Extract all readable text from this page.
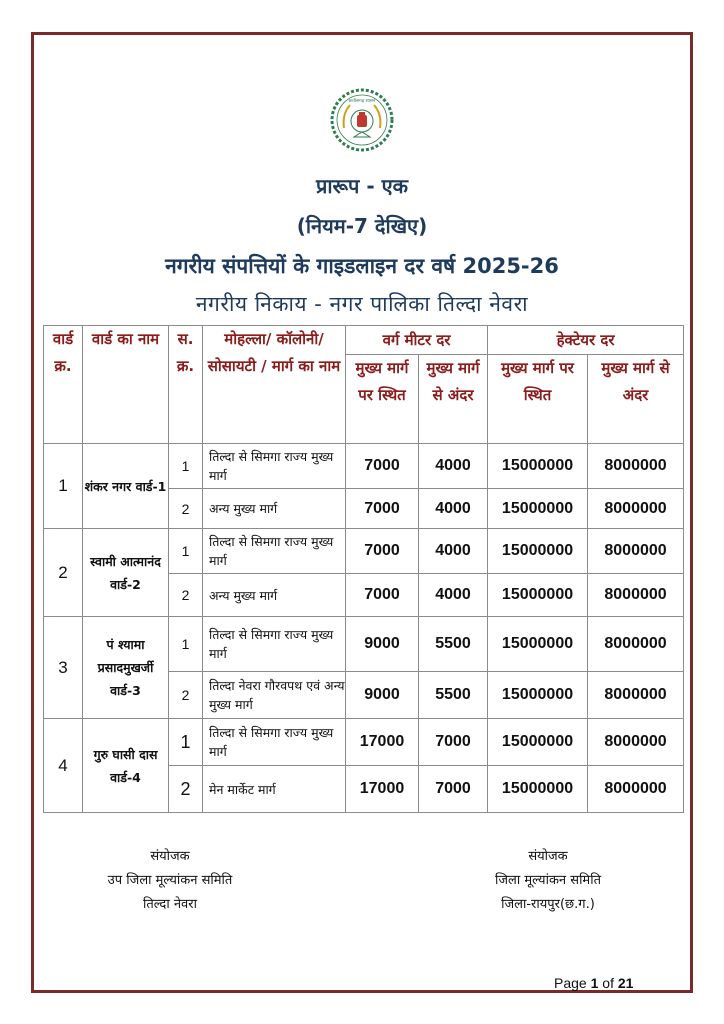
छत्तीसगढ़ शासन
प्रारूप - एक
(नियम-7 देखिए)
नगरीय संपत्तियों के गाइडलाइन दर वर्ष 2025-26
नगरीय निकाय - नगर पालिका तिल्दा नेवरा
वार्ड क्र.	वार्ड का नाम	स. क्र.	मोहल्ला/ कॉलोनी/ सोसायटी / मार्ग का नाम	वर्ग मीटर दर		हेक्टेयर दर	
				मुख्य मार्ग पर स्थित	मुख्य मार्ग से अंदर	मुख्य मार्ग पर स्थित	मुख्य मार्ग से अंदर
1	शंकर नगर वार्ड-1	1	तिल्दा से सिमगा राज्य मुख्य मार्ग	7000	4000	15000000	8000000
		2	अन्य मुख्य मार्ग	7000	4000	15000000	8000000
2	स्वामी आत्मानंद वार्ड-2	1	तिल्दा से सिमगा राज्य मुख्य मार्ग	7000	4000	15000000	8000000
		2	अन्य मुख्य मार्ग	7000	4000	15000000	8000000
3	पं श्यामा प्रसादमुखर्जी वार्ड-3	1	तिल्दा से सिमगा राज्य मुख्य मार्ग	9000	5500	15000000	8000000
		2	तिल्दा नेवरा गौरवपथ एवं अन्य मुख्य मार्ग	9000	5500	15000000	8000000
4	गुरु घासी दास वार्ड-4	1	तिल्दा से सिमगा राज्य मुख्य मार्ग	17000	7000	15000000	8000000
		2	मेन मार्केट मार्ग	17000	7000	15000000	8000000
संयोजक
उप जिला मूल्यांकन समिति
तिल्दा नेवरा
संयोजक
जिला मूल्यांकन समिति
जिला-रायपुर(छ.ग.)
Page 1 of 21
